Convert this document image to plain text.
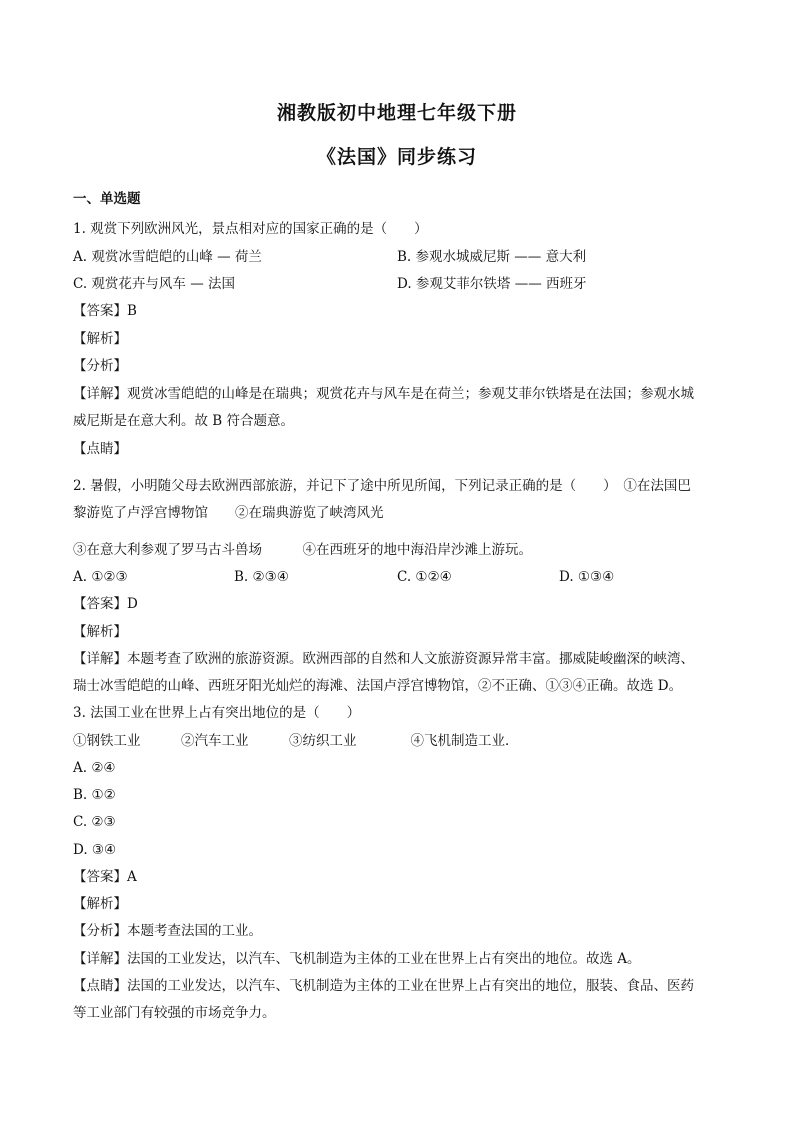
湘教版初中地理七年级下册
《法国》同步练习
一、单选题
1. 观赏下列欧洲风光，景点相对应的国家正确的是（　　）
A. 观赏冰雪皑皑的山峰 — 荷兰	B. 参观水城威尼斯 —— 意大利
C. 观赏花卉与风车 — 法国	D. 参观艾菲尔铁塔 —— 西班牙
【答案】B
【解析】
【分析】
【详解】观赏冰雪皑皑的山峰是在瑞典；观赏花卉与风车是在荷兰；参观艾菲尔铁塔是在法国；参观水城
威尼斯是在意大利。故 B 符合题意。
【点睛】
2. 暑假，小明随父母去欧洲西部旅游，并记下了途中所见所闻，下列记录正确的是（　　）　①在法国巴
黎游览了卢浮宫博物馆　　②在瑞典游览了峡湾风光
③在意大利参观了罗马古斗兽场　　　④在西班牙的地中海沿岸沙滩上游玩。
A. ①②③	B. ②③④	C. ①②④	D. ①③④
【答案】D
【解析】
【详解】本题考查了欧洲的旅游资源。欧洲西部的自然和人文旅游资源异常丰富。挪威陡峻幽深的峡湾、
瑞士冰雪皑皑的山峰、西班牙阳光灿烂的海滩、法国卢浮宫博物馆，②不正确、①③④正确。故选 D。
3. 法国工业在世界上占有突出地位的是（　　）
①钢铁工业　　　②汽车工业　　　③纺织工业　　　　④飞机制造工业．
A. ②④
B. ①②
C. ②③
D. ③④
【答案】A
【解析】
【分析】本题考查法国的工业。
【详解】法国的工业发达，以汽车、飞机制造为主体的工业在世界上占有突出的地位。故选 A。
【点睛】法国的工业发达，以汽车、飞机制造为主体的工业在世界上占有突出的地位，服装、食品、医药
等工业部门有较强的市场竞争力。
